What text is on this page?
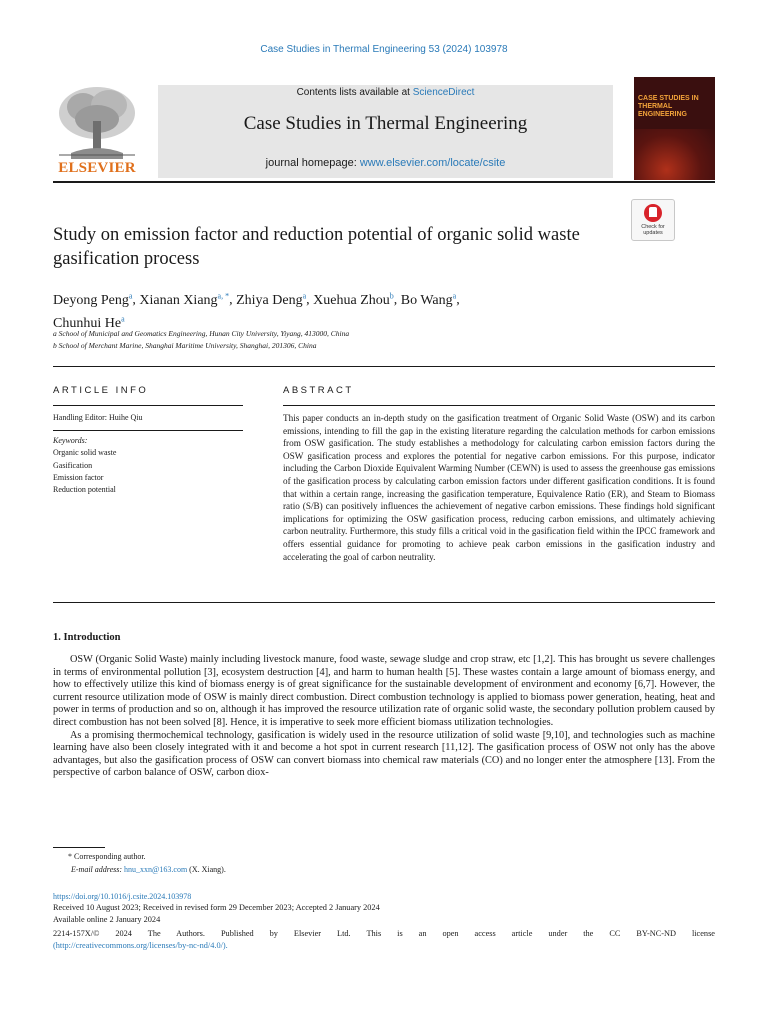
Case Studies in Thermal Engineering 53 (2024) 103978
ELSEVIER
Contents lists available at ScienceDirect
Case Studies in Thermal Engineering
journal homepage: www.elsevier.com/locate/csite
CASE STUDIES IN THERMAL ENGINEERING
Check for updates
Study on emission factor and reduction potential of organic solid waste gasification process
Deyong Peng$^a$, Xianan Xiang$^{a, *}$, Zhiya Deng$^a$, Xuehua Zhou$^b$, Bo Wang$^a$,
Chunhui He$^a$
a School of Municipal and Geomatics Engineering, Hunan City University, Yiyang, 413000, China
b School of Merchant Marine, Shanghai Maritime University, Shanghai, 201306, China
ARTICLE INFO
Handling Editor: Huihe Qiu
Keywords:
Organic solid waste
Gasification
Emission factor
Reduction potential
ABSTRACT
This paper conducts an in-depth study on the gasification treatment of Organic Solid Waste (OSW) and its carbon emissions, intending to fill the gap in the existing literature regarding the calculation methods for carbon emissions from OSW gasification. The study establishes a methodology for calculating carbon emission factors during the OSW gasification process and explores the potential for negative carbon emissions. For this purpose, indicator including the Carbon Dioxide Equivalent Warming Number (CEWN) is used to assess the greenhouse gas emissions of the gasification process by calculating carbon emission factors under different gasification conditions. It is found that within a certain range, increasing the gasification temperature, Equivalence Ratio (ER), and Steam to Biomass ratio (S/B) can positively influences the achievement of negative carbon emissions. These findings hold significant implications for optimizing the OSW gasification process, reducing carbon emissions, and ultimately achieving carbon neutrality. Furthermore, this study fills a critical void in the gasification field within the IPCC framework and offers essential guidance for promoting to achieve peak carbon emissions in the gasification industry and accelerating the goal of carbon neutrality.
1. Introduction

OSW (Organic Solid Waste) mainly including livestock manure, food waste, sewage sludge and crop straw, etc [1,2]. This has brought us severe challenges in terms of environmental pollution [3], ecosystem destruction [4], and harm to human health [5]. These wastes contain a large amount of biomass energy, and how to effectively utilize this kind of biomass energy is of great significance for the sustainable development of environment and economy [6,7]. However, the current resource utilization mode of OSW is mainly direct combustion. Direct combustion technology is applied to biomass power generation, heating, heat and power in terms of production and so on, although it has improved the resource utilization rate of organic solid waste, the secondary pollution problem caused by direct combustion has not been solved [8]. Hence, it is imperative to seek more efficient biomass utilization technologies.

As a promising thermochemical technology, gasification is widely used in the resource utilization of solid waste [9,10], and technologies such as machine learning have also been closely integrated with it and become a hot spot in current research [11,12]. The gasification process of OSW not only has the above advantages, but also the gasification process of OSW can convert biomass into chemical raw materials (CO) and no longer enter the atmosphere [13]. From the perspective of carbon balance of OSW, carbon diox-

* Corresponding author.
E-mail address: hnu_xxn@163.com (X. Xiang).
https://doi.org/10.1016/j.csite.2024.103978
Received 10 August 2023; Received in revised form 29 December 2023; Accepted 2 January 2024
Available online 2 January 2024
2214-157X/© 2024 The Authors. Published by Elsevier Ltd. This is an open access article under the CC BY-NC-ND license
(http://creativecommons.org/licenses/by-nc-nd/4.0/).
